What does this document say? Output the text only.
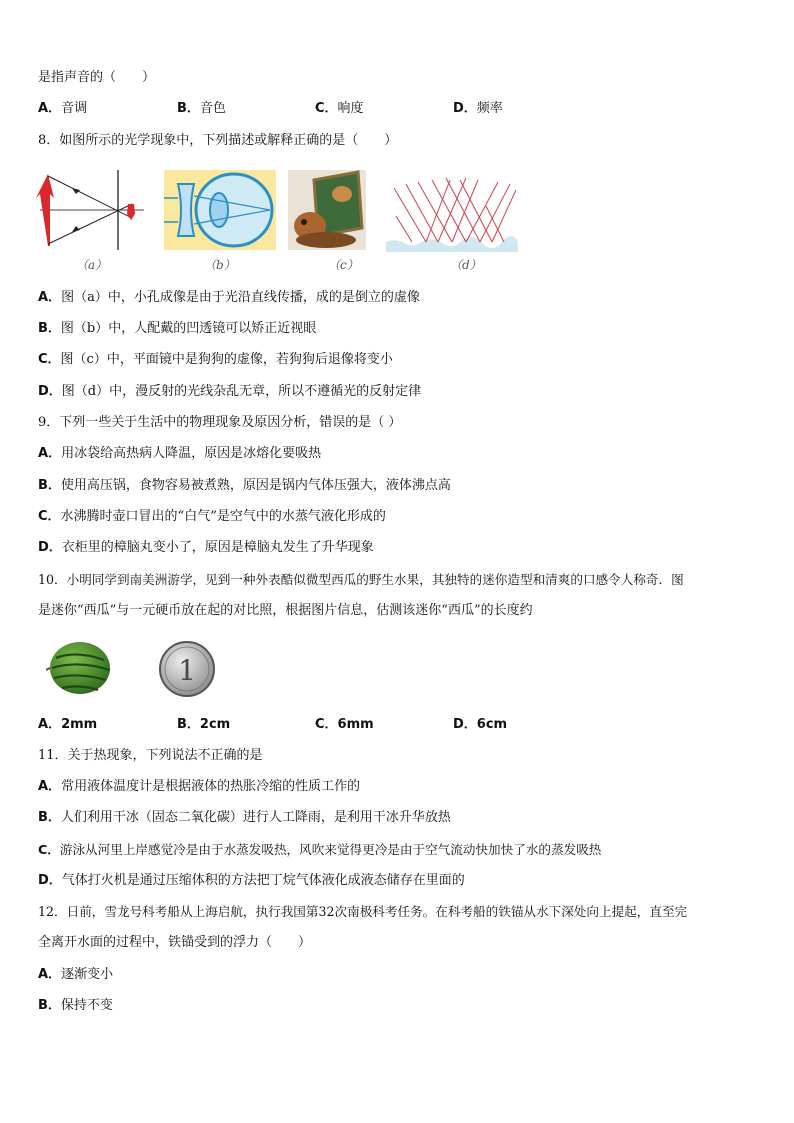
是指声音的（　　）
A．音调	B．音色	C．响度	D．频率
8．如图所示的光学现象中，下列描述或解释正确的是（　　）
（a）	（b）	（c）	（d）
A．图（a）中，小孔成像是由于光沿直线传播，成的是倒立的虚像
B．图（b）中，人配戴的凹透镜可以矫正近视眼
C．图（c）中，平面镜中是狗狗的虚像，若狗狗后退像将变小
D．图（d）中，漫反射的光线杂乱无章，所以不遵循光的反射定律
9．下列一些关于生活中的物理现象及原因分析，错误的是（ ）
A．用冰袋给高热病人降温，原因是冰熔化要吸热
B．使用高压锅，食物容易被煮熟，原因是锅内气体压强大，液体沸点高
C．水沸腾时壶口冒出的“白气”是空气中的水蒸气液化形成的
D．衣柜里的樟脑丸变小了，原因是樟脑丸发生了升华现象
10．小明同学到南美洲游学，见到一种外表酷似微型西瓜的野生水果，其独特的迷你造型和清爽的口感令人称奇．图
是迷你“西瓜”与一元硬币放在起的对比照，根据图片信息，估测该迷你“西瓜”的长度约
1
A．2mm	B．2cm	C．6mm	D．6cm
11．关于热现象，下列说法不正确的是
A．常用液体温度计是根据液体的热胀冷缩的性质工作的
B．人们利用干冰（固态二氧化碳）进行人工降雨，是利用干冰升华放热
C．游泳从河里上岸感觉冷是由于水蒸发吸热，风吹来觉得更冷是由于空气流动快加快了水的蒸发吸热
D．气体打火机是通过压缩体积的方法把丁烷气体液化成液态储存在里面的
12．日前，雪龙号科考船从上海启航，执行我国第32次南极科考任务。在科考船的铁锚从水下深处向上提起，直至完
全离开水面的过程中，铁锚受到的浮力（　　）
A．逐渐变小
B．保持不变
